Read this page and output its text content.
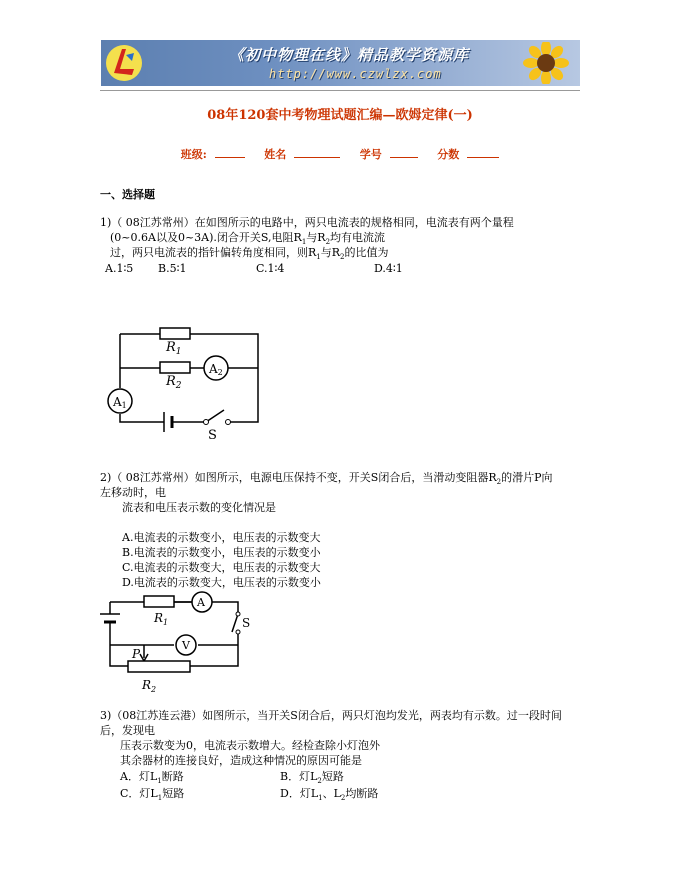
《初中物理在线》精品教学资源库
http://www.czwlzx.com
08年120套中考物理试题汇编—欧姆定律(一)
班级:	姓名	学号	分数
一、选择题
1)（ 08江苏常州）在如图所示的电路中，两只电流表的规格相同，电流表有两个量程
(0~0.6A以及0~3A).闭合开关S,电阻$R_1$与$R_2$均有电流流
过，两只电流表的指针偏转角度相同，则$R_1$与$R_2$的比值为
A.1∶5 B.5∶1	C.1∶4	D.4∶1
$R_1$
$R_2$
A2
A1
S
2)（ 08江苏常州）如图所示，电源电压保持不变，开关S闭合后，当滑动变阻器$R_2$的滑片P向
左移动时，电
流表和电压表示数的变化情况是
A.电流表的示数变小，电压表的示数变大
B.电流表的示数变小，电压表的示数变小
C.电流表的示数变大，电压表的示数变大
D.电流表的示数变大，电压表的示数变小
$R_1$
A
V
S
P
$R_2$
3)（08江苏连云港）如图所示，当开关S闭合后，两只灯泡均发光，两表均有示数。过一段时间
后，发现电
压表示数变为0，电流表示数增大。经检查除小灯泡外
其余器材的连接良好，造成这种情况的原因可能是
A．灯$L_1$断路	B．灯$L_2$短路
C．灯$L_1$短路	D．灯$L_1$、$L_2$均断路
